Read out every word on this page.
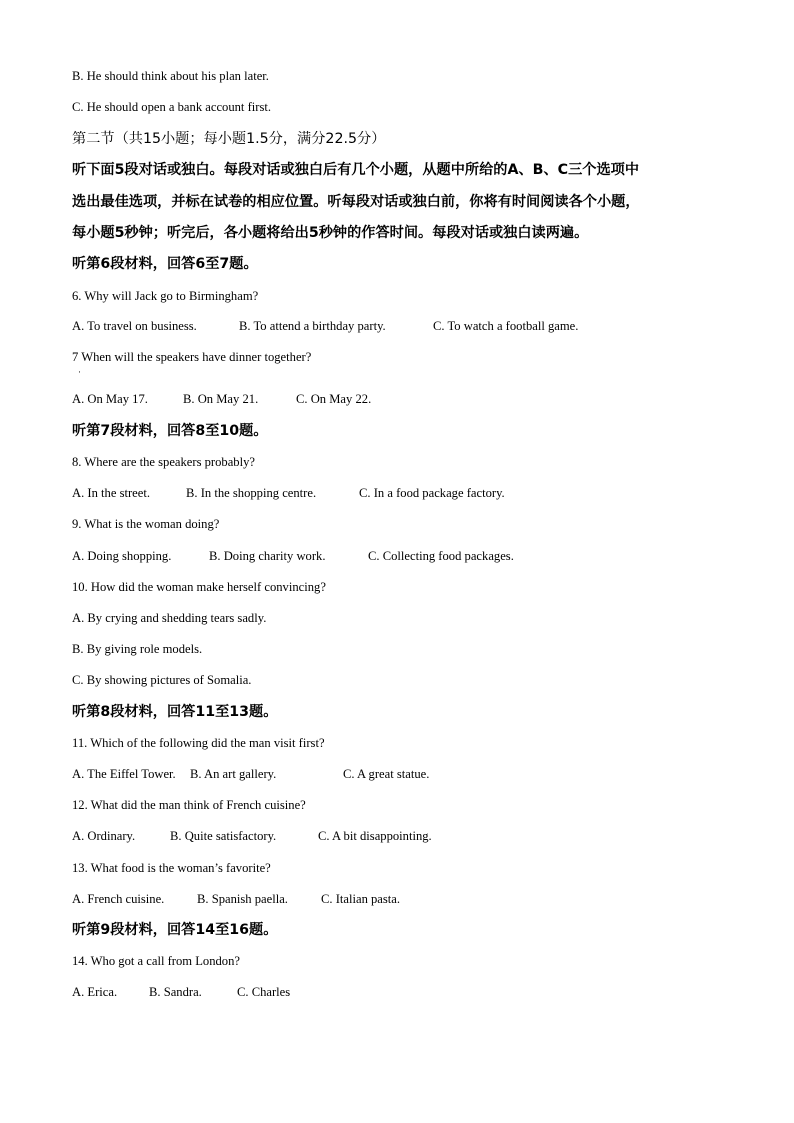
B. He should think about his plan later.
C. He should open a bank account first.
第二节（共15小题；每小题1.5分，满分22.5分）
听下面5段对话或独白。每段对话或独白后有几个小题，从题中所给的A、B、C三个选项中
选出最佳选项，并标在试卷的相应位置。听每段对话或独白前，你将有时间阅读各个小题，
每小题5秒钟；听完后，各小题将给出5秒钟的作答时间。每段对话或独白读两遍。
听第6段材料，回答6至7题。
6. Why will Jack go to Birmingham?
A. To travel on business.	B. To attend a birthday party.	C. To watch a football game.
7 When will the speakers have dinner together?
·
A. On May 17.	B. On May 21.	C. On May 22.
听第7段材料，回答8至10题。
8. Where are the speakers probably?
A. In the street.	B. In the shopping centre.	C. In a food package factory.
9. What is the woman doing?
A. Doing shopping.	B. Doing charity work.	C. Collecting food packages.
10. How did the woman make herself convincing?
A. By crying and shedding tears sadly.
B. By giving role models.
C. By showing pictures of Somalia.
听第8段材料，回答11至13题。
11. Which of the following did the man visit first?
A. The Eiffel Tower. B. An art gallery.	C. A great statue.
12. What did the man think of French cuisine?
A. Ordinary.	B. Quite satisfactory.	C. A bit disappointing.
13. What food is the woman’s favorite?
A. French cuisine.	B. Spanish paella.	C. Italian pasta.
听第9段材料，回答14至16题。
14. Who got a call from London?
A. Erica.	B. Sandra.	C. Charles
